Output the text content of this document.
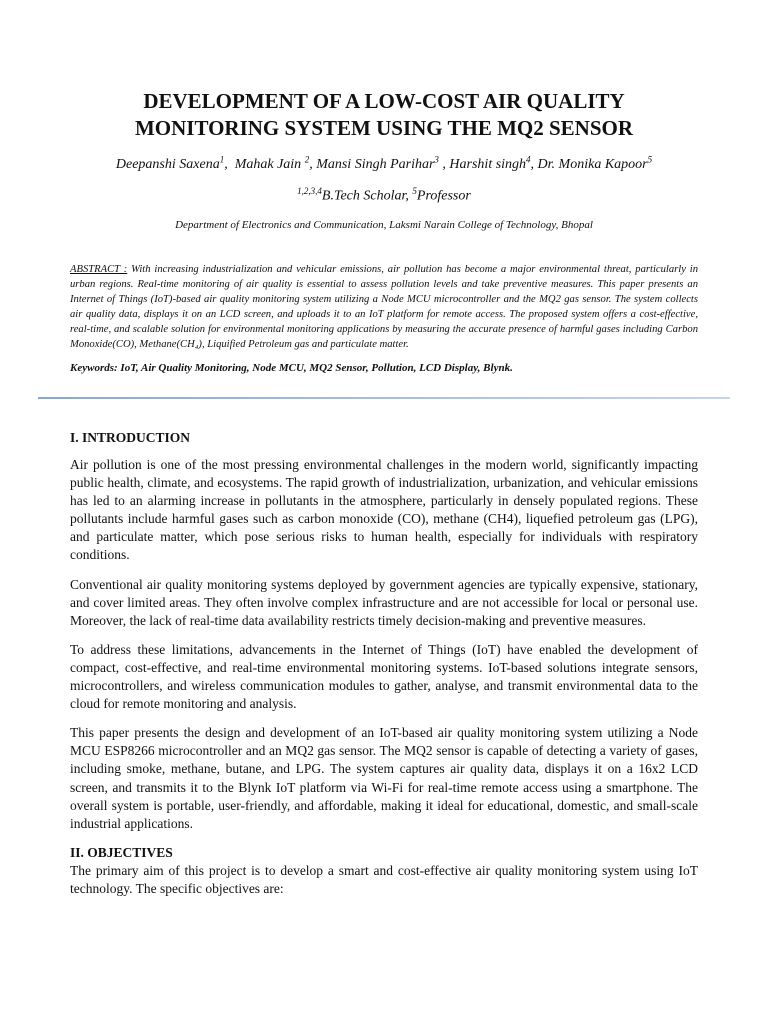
DEVELOPMENT OF A LOW-COST AIR QUALITY
MONITORING SYSTEM USING THE MQ2 SENSOR
Deepanshi Saxena$^1$,  Mahak Jain $^2$, Mansi Singh Parihar$^3$ , Harshit singh$^4$, Dr. Monika Kapoor$^5$
$^{1,2,3,4}$B.Tech Scholar, $^5$Professor
Department of Electronics and Communication, Laksmi Narain College of Technology, Bhopal
ABSTRACT : With increasing industrialization and vehicular emissions, air pollution has become a major environmental threat, particularly in urban regions. Real-time monitoring of air quality is essential to assess pollution levels and take preventive measures. This paper presents an Internet of Things (IoT)-based air quality monitoring system utilizing a Node MCU microcontroller and the MQ2 gas sensor. The system collects air quality data, displays it on an LCD screen, and uploads it to an IoT platform for remote access. The proposed system offers a cost-effective, real-time, and scalable solution for environmental monitoring applications by measuring the accurate presence of harmful gases including Carbon Monoxide(CO), Methane(CH₄), Liquified Petroleum gas and particulate matter.
Keywords: IoT, Air Quality Monitoring, Node MCU, MQ2 Sensor, Pollution, LCD Display, Blynk.
I. INTRODUCTION

Air pollution is one of the most pressing environmental challenges in the modern world, significantly impacting public health, climate, and ecosystems. The rapid growth of industrialization, urbanization, and vehicular emissions has led to an alarming increase in pollutants in the atmosphere, particularly in densely populated regions. These pollutants include harmful gases such as carbon monoxide (CO), methane (CH4), liquefied petroleum gas (LPG), and particulate matter, which pose serious risks to human health, especially for individuals with respiratory conditions.

Conventional air quality monitoring systems deployed by government agencies are typically expensive, stationary, and cover limited areas. They often involve complex infrastructure and are not accessible for local or personal use. Moreover, the lack of real-time data availability restricts timely decision-making and preventive measures.

To address these limitations, advancements in the Internet of Things (IoT) have enabled the development of compact, cost-effective, and real-time environmental monitoring systems. IoT-based solutions integrate sensors, microcontrollers, and wireless communication modules to gather, analyse, and transmit environmental data to the cloud for remote monitoring and analysis.

This paper presents the design and development of an IoT-based air quality monitoring system utilizing a Node MCU ESP8266 microcontroller and an MQ2 gas sensor. The MQ2 sensor is capable of detecting a variety of gases, including smoke, methane, butane, and LPG. The system captures air quality data, displays it on a 16x2 LCD screen, and transmits it to the Blynk IoT platform via Wi-Fi for real-time remote access using a smartphone. The overall system is portable, user-friendly, and affordable, making it ideal for educational, domestic, and small-scale industrial applications.

II. OBJECTIVES

The primary aim of this project is to develop a smart and cost-effective air quality monitoring system using IoT technology. The specific objectives are:
